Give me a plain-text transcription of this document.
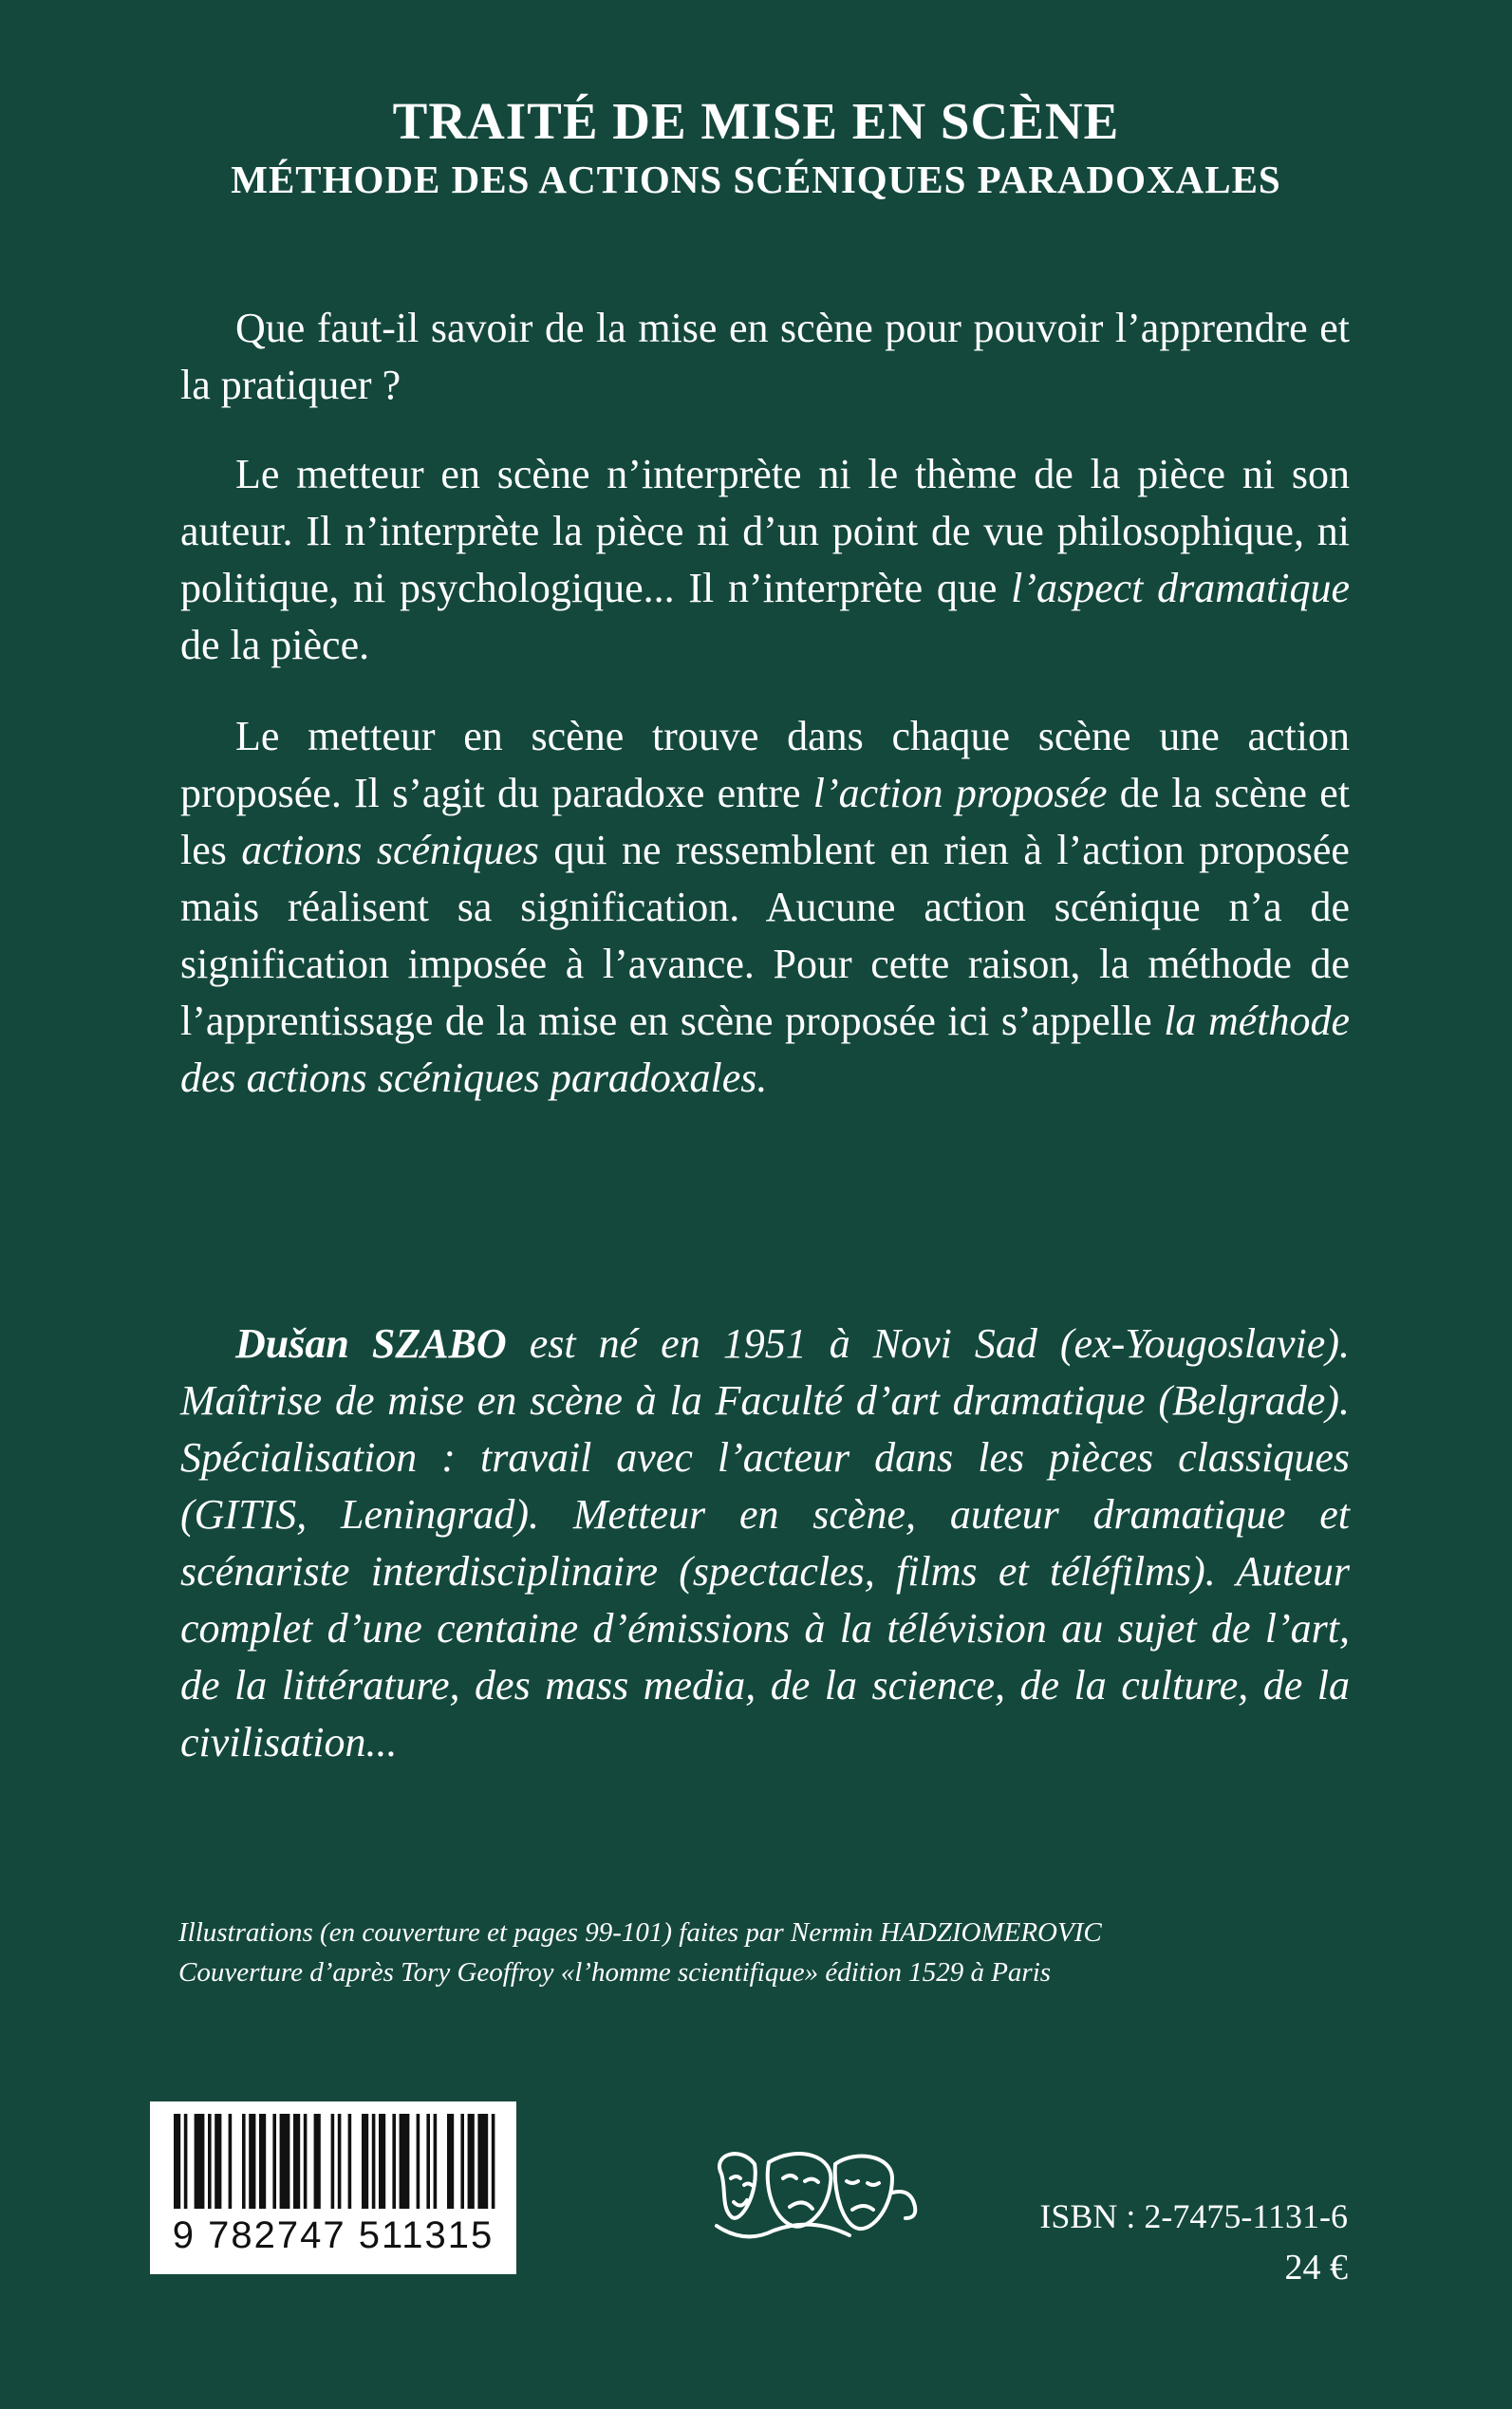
TRAITÉ DE MISE EN SCÈNE
MÉTHODE DES ACTIONS SCÉNIQUES PARADOXALES

Que faut-il savoir de la mise en scène pour pouvoir l’apprendre et la pratiquer ?

Le metteur en scène n’interprète ni le thème de la pièce ni son auteur. Il n’interprète la pièce ni d’un point de vue philosophique, ni politique, ni psychologique... Il n’interprète que l’aspect dramatique de la pièce.

Le metteur en scène trouve dans chaque scène une action proposée. Il s’agit du paradoxe entre l’action proposée de la scène et les actions scéniques qui ne ressemblent en rien à l’action proposée mais réalisent sa signification. Aucune action scénique n’a de signification imposée à l’avance. Pour cette raison, la méthode de l’apprentissage de la mise en scène proposée ici s’appelle la méthode des actions scéniques paradoxales.

Dušan SZABO est né en 1951 à Novi Sad (ex-Yougoslavie). Maîtrise de mise en scène à la Faculté d’art dramatique (Belgrade). Spécialisation : travail avec l’acteur dans les pièces classiques (GITIS, Leningrad). Metteur en scène, auteur dramatique et scénariste interdisciplinaire (spectacles, films et téléfilms). Auteur complet d’une centaine d’émissions à la télévision au sujet de l’art, de la littérature, des mass media, de la science, de la culture, de la civilisation...

Illustrations (en couverture et pages 99-101) faites par Nermin HADZIOMEROVIC
Couverture d’après Tory Geoffroy «l’homme scientifique» édition 1529 à Paris
9 782747 511315	ISBN : 2-7475-1131-6
24 €
